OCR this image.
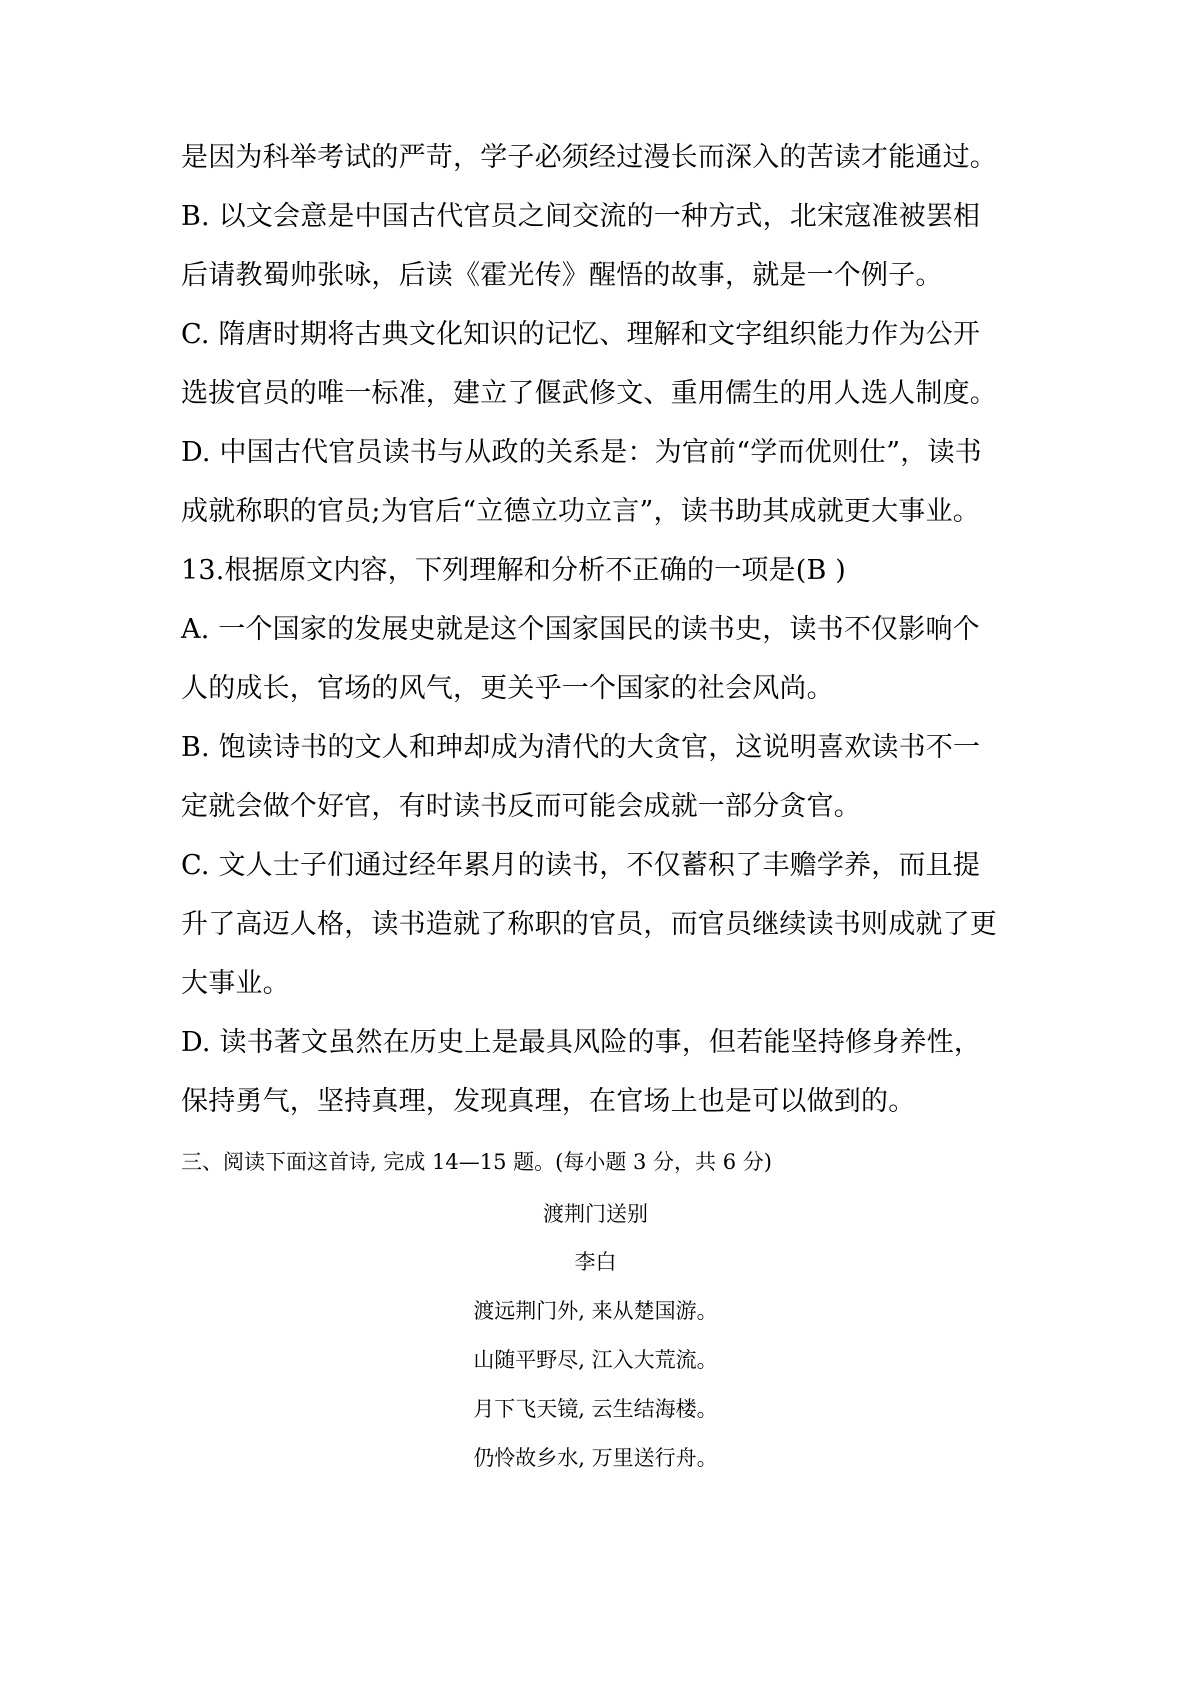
是因为科举考试的严苛，学子必须经过漫长而深入的苦读才能通过。
B. 以文会意是中国古代官员之间交流的一种方式，北宋寇准被罢相
后请教蜀帅张咏，后读《霍光传》醒悟的故事，就是一个例子。
C. 隋唐时期将古典文化知识的记忆、理解和文字组织能力作为公开
选拔官员的唯一标准，建立了偃武修文、重用儒生的用人选人制度。
D. 中国古代官员读书与从政的关系是：为官前“学而优则仕”，读书
成就称职的官员;为官后“立德立功立言”，读书助其成就更大事业。
13.根据原文内容，下列理解和分析不正确的一项是(B )
A. 一个国家的发展史就是这个国家国民的读书史，读书不仅影响个
人的成长，官场的风气，更关乎一个国家的社会风尚。
B. 饱读诗书的文人和珅却成为清代的大贪官，这说明喜欢读书不一
定就会做个好官，有时读书反而可能会成就一部分贪官。
C. 文人士子们通过经年累月的读书，不仅蓄积了丰赡学养，而且提
升了高迈人格，读书造就了称职的官员，而官员继续读书则成就了更
大事业。
D. 读书著文虽然在历史上是最具风险的事，但若能坚持修身养性，
保持勇气，坚持真理，发现真理，在官场上也是可以做到的。
三、阅读下面这首诗, 完成 14—15 题。(每小题 3 分，共 6 分)
渡荆门送别
李白
渡远荆门外, 来从楚国游。
山随平野尽, 江入大荒流。
月下飞天镜, 云生结海楼。
仍怜故乡水, 万里送行舟。
